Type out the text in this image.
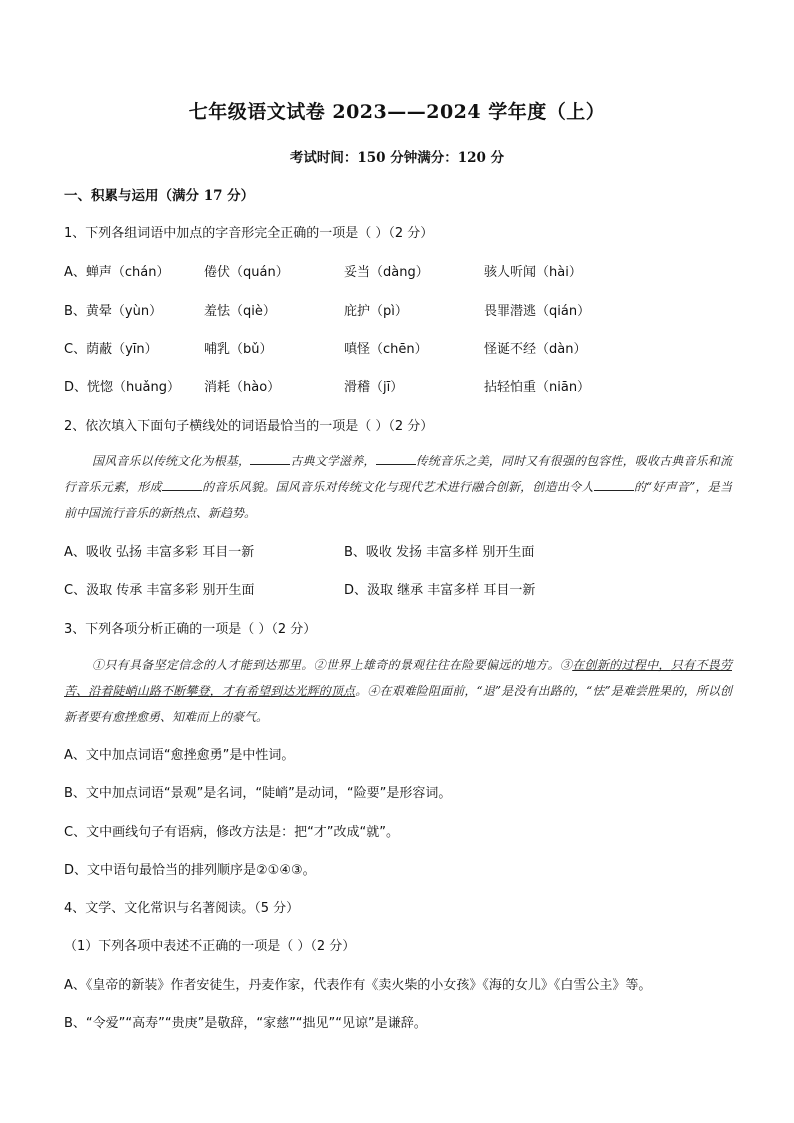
七年级语文试卷 2023——2024 学年度（上）
考试时间：150 分钟满分：120 分
一、积累与运用（满分 17 分）
1、下列各组词语中加点的字音形完全正确的一项是（ ）（2 分）
A、蝉声（chán）	倦伏（quán）	妥当（dàng）	骇人听闻（hài）
B、黄晕（yùn）	羞怯（qiè）	庇护（pì）	畏罪潜逃（qián）
C、荫蔽（yīn）	哺乳（bǔ）	嗔怪（chēn）	怪诞不经（dàn）
D、恍惚（huǎng） 消耗（hào）	滑稽（jī）	拈轻怕重（niān）
2、依次填入下面句子横线处的词语最恰当的一项是（ ）（2 分）

国风音乐以传统文化为根基，	古典文学滋养，	传统音乐之美，同时又有很强的包容性，吸收古典音乐和流行音乐元素，形成	的音乐风貌。国风音乐对传统文化与现代艺术进行融合创新，创造出令人	的“好声音”，是当前中国流行音乐的新热点、新趋势。

A、吸收 弘扬 丰富多彩 耳目一新	B、吸收 发扬 丰富多样 别开生面
C、汲取 传承 丰富多彩 别开生面	D、汲取 继承 丰富多样 耳目一新
3、下列各项分析正确的一项是（ ）（2 分）

①只有具备坚定信念的人才能到达那里。②世界上雄奇的景观往往在险要偏远的地方。③在创新的过程中，只有不畏劳苦、沿着陡峭山路不断攀登，才有希望到达光辉的顶点。④在艰难险阻面前，“退”是没有出路的，“怯”是难尝胜果的，所以创新者要有愈挫愈勇、知难而上的豪气。

A、文中加点词语“愈挫愈勇”是中性词。
B、文中加点词语“景观”是名词，“陡峭”是动词，“险要”是形容词。
C、文中画线句子有语病，修改方法是：把“才”改成“就”。
D、文中语句最恰当的排列顺序是②①④③。
4、文学、文化常识与名著阅读。（5 分）
（1）下列各项中表述不正确的一项是（ ）（2 分）
A、《皇帝的新装》作者安徒生，丹麦作家，代表作有《卖火柴的小女孩》《海的女儿》《白雪公主》等。
B、“令爱”“高寿”“贵庚”是敬辞，“家慈”“拙见”“见谅”是谦辞。
